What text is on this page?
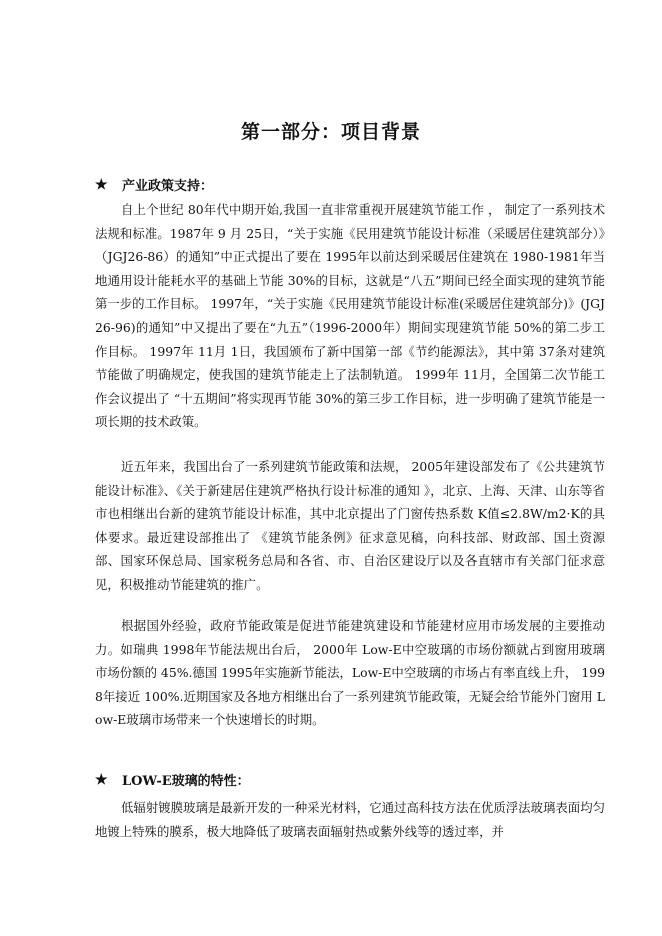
第一部分：项目背景
★	产业政策支持：

自上个世纪 80年代中期开始,我国一直非常重视开展建筑节能工作 ， 制定了一系列技术法规和标准。1987年 9 月 25日，“关于实施《民用建筑节能设计标准（采暖居住建筑部分）》（JGJ26-86）的通知”中正式提出了要在 1995年以前达到采暖居住建筑在 1980-1981年当地通用设计能耗水平的基础上节能 30%的目标，这就是“八五”期间已经全面实现的建筑节能第一步的工作目标。 1997年，“关于实施《民用建筑节能设计标准(采暖居住建筑部分)》(JGJ26-96)的通知”中又提出了要在“九五”（1996-2000年）期间实现建筑节能 50%的第二步工作目标。 1997年 11月 1日，我国颁布了新中国第一部《节约能源法》，其中第 37条对建筑节能做了明确规定，使我国的建筑节能走上了法制轨道。 1999年 11月，全国第二次节能工作会议提出了 “十五期间”将实现再节能 30%的第三步工作目标，进一步明确了建筑节能是一项长期的技术政策。

近五年来，我国出台了一系列建筑节能政策和法规， 2005年建设部发布了《公共建筑节能设计标准》、《关于新建居住建筑严格执行设计标准的通知 》，北京、上海、天津、山东等省市也相继出台新的建筑节能设计标准，其中北京提出了门窗传热系数 K值≤2.8W/m2·K的具体要求。最近建设部推出了 《建筑节能条例》征求意见稿，向科技部、财政部、国土资源部、国家环保总局、国家税务总局和各省、市、自治区建设厅以及各直辖市有关部门征求意见，积极推动节能建筑的推广。

根据国外经验，政府节能政策是促进节能建筑建设和节能建材应用市场发展的主要推动力。如瑞典 1998年节能法规出台后， 2000年 Low-E中空玻璃的市场份额就占到窗用玻璃市场份额的 45%.德国 1995年实施新节能法，Low-E中空玻璃的市场占有率直线上升， 1998年接近 100%.近期国家及各地方相继出台了一系列建筑节能政策，无疑会给节能外门窗用 Low-E玻璃市场带来一个快速增长的时期。

★	LOW-E玻璃的特性：

低辐射镀膜玻璃是最新开发的一种采光材料，它通过高科技方法在优质浮法玻璃表面均匀地镀上特殊的膜系，极大地降低了玻璃表面辐射热或紫外线等的透过率，并
